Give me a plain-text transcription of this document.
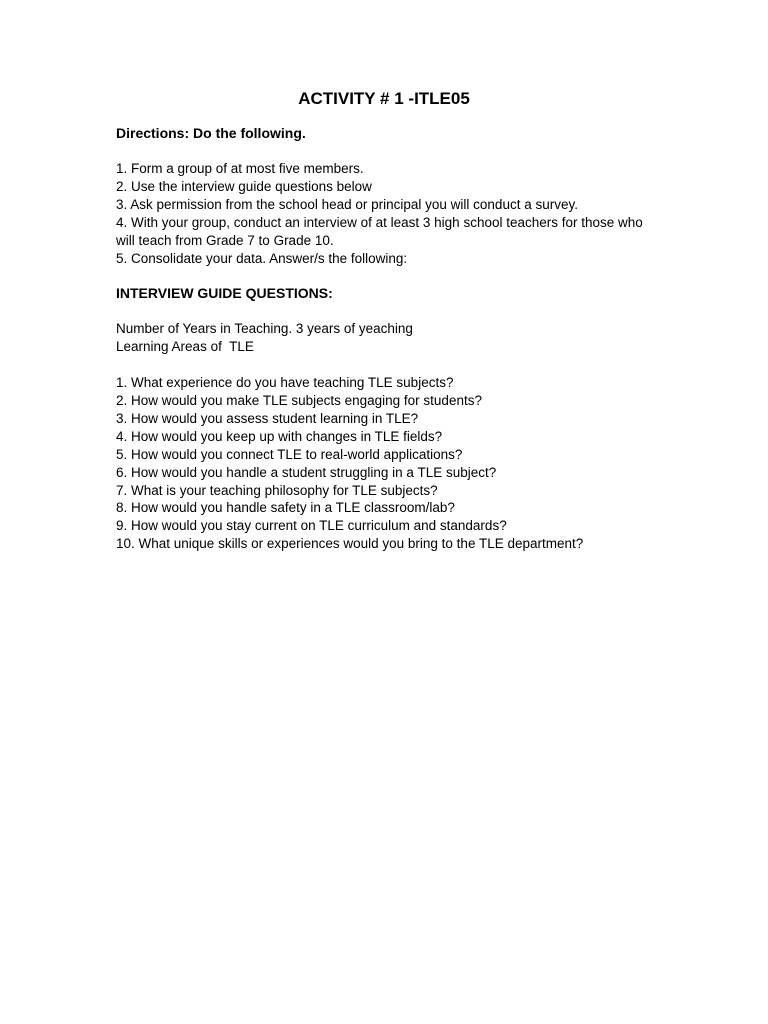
ACTIVITY # 1 -ITLE05
Directions: Do the following.
1. Form a group of at most five members.
2. Use the interview guide questions below
3. Ask permission from the school head or principal you will conduct a survey.
4. With your group, conduct an interview of at least 3 high school teachers for those who will teach from Grade 7 to Grade 10.
5. Consolidate your data. Answer/s the following:
INTERVIEW GUIDE QUESTIONS:
Number of Years in Teaching. 3 years of yeaching
Learning Areas of  TLE
1. What experience do you have teaching TLE subjects?
2. How would you make TLE subjects engaging for students?
3. How would you assess student learning in TLE?
4. How would you keep up with changes in TLE fields?
5. How would you connect TLE to real-world applications?
6. How would you handle a student struggling in a TLE subject?
7. What is your teaching philosophy for TLE subjects?
8. How would you handle safety in a TLE classroom/lab?
9. How would you stay current on TLE curriculum and standards?
10. What unique skills or experiences would you bring to the TLE department?
